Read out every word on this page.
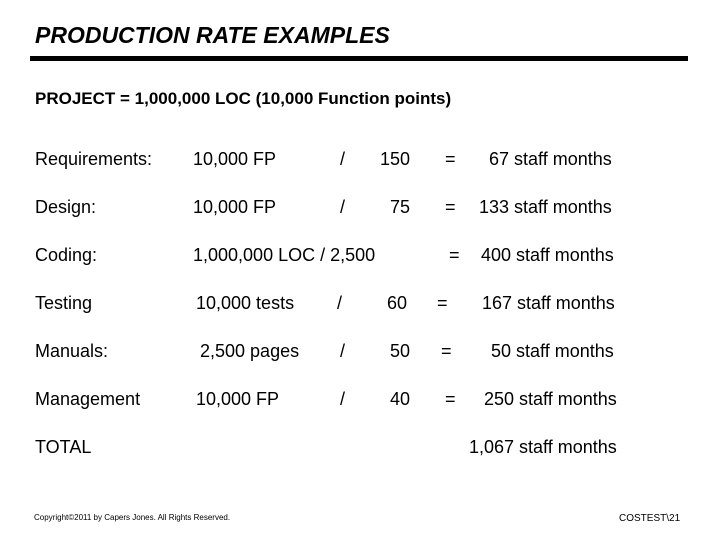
PRODUCTION RATE EXAMPLES
PROJECT = 1,000,000 LOC (10,000 Function points)
Requirements: 10,000 FP	/ 150 = 67 staff months
Design:	10,000 FP	/ 75 = 133 staff months
Coding:	1,000,000 LOC / 2,500	= 400 staff months
Testing	10,000 tests / 60 = 167 staff months
Manuals:	2,500 pages / 50 = 50 staff months
Management	10,000 FP	/ 40 = 250 staff months
TOTAL	1,067 staff months
Copyright©2011 by Capers Jones. All Rights Reserved.	COSTEST\21
